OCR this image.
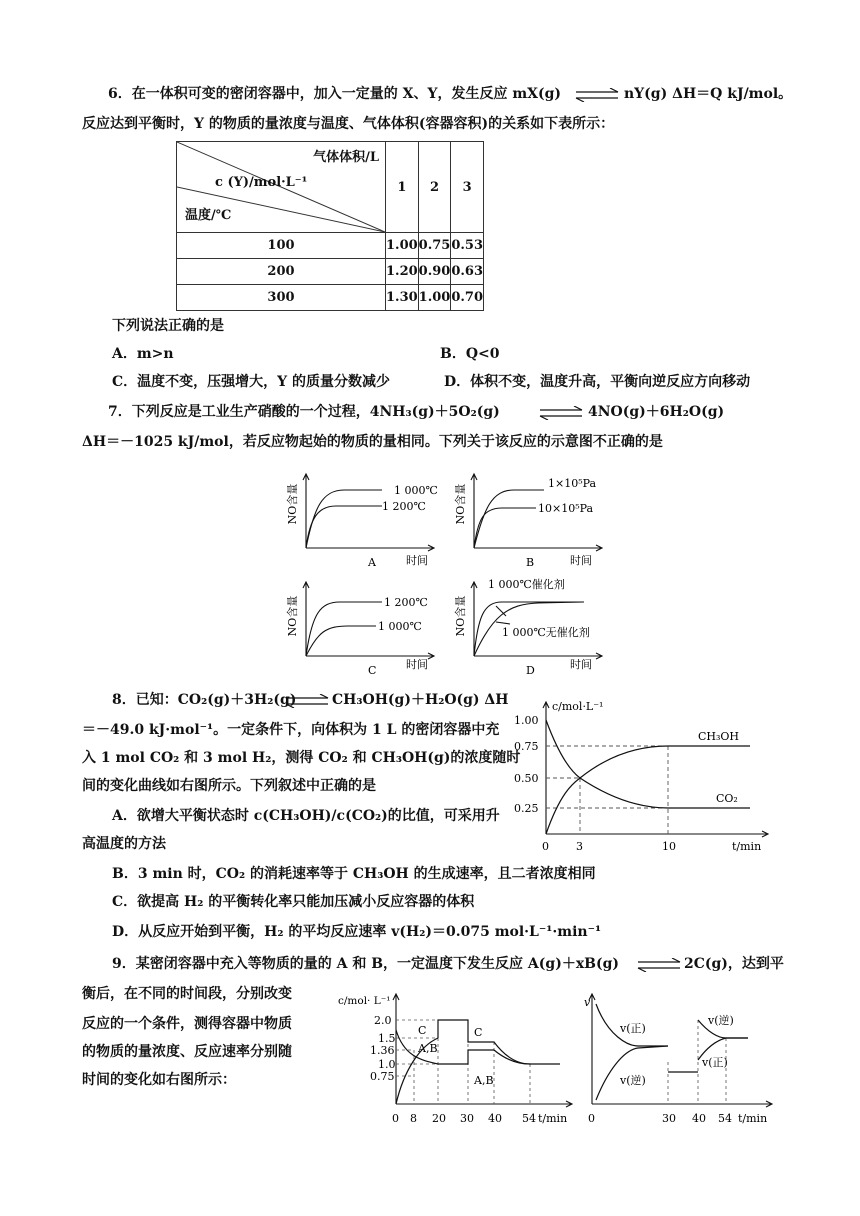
6．在一体积可变的密闭容器中，加入一定量的 X、Y，发生反应 mX(g) ⇌ nY(g) ΔH＝Q kJ/mol。
反应达到平衡时，Y 的物质的量浓度与温度、气体体积(容器容积)的关系如下表所示：
气体体积/L
c (Y)/mol·L⁻¹
温度/℃	1	2	3
100	1.00	0.75	0.53
200	1.20	0.90	0.63
300	1.30	1.00	0.70
下列说法正确的是
A．m>n	B．Q<0
C．温度不变，压强增大，Y 的质量分数减少	D．体积不变，温度升高，平衡向逆反应方向移动
7．下列反应是工业生产硝酸的一个过程，4NH₃(g)＋5O₂(g) ⇌ 4NO(g)＋6H₂O(g)
ΔH＝－1025 kJ/mol，若反应物起始的物质的量相同。下列关于该反应的示意图不正确的是
NO含量	1 000℃
1 200℃
时间
A
NO含量
1×10⁵Pa
10×10⁵Pa
时间
B
NO含量	1 200℃
1 000℃
时间
C
NO含量
1 000℃催化剂
1 000℃无催化剂
时间
D
8．已知：CO₂(g)＋3H₂(g) ⇌ CH₃OH(g)＋H₂O(g) ΔH
＝－49.0 kJ·mol⁻¹。一定条件下，向体积为 1 L 的密闭容器中充
入 1 mol CO₂ 和 3 mol H₂，测得 CO₂ 和 CH₃OH(g)的浓度随时
间的变化曲线如右图所示。下列叙述中正确的是
A．欲增大平衡状态时 c(CH₃OH)/c(CO₂)的比值，可采用升
高温度的方法
B．3 min 时，CO₂ 的消耗速率等于 CH₃OH 的生成速率，且二者浓度相同
C．欲提高 H₂ 的平衡转化率只能加压减小反应容器的体积
D．从反应开始到平衡，H₂ 的平均反应速率 v(H₂)＝0.075 mol·L⁻¹·min⁻¹
c/mol·L⁻¹
1.00
0.75
0.50
0.25
0 3	10	t/min
CH₃OH
CO₂
9．某密闭容器中充入等物质的量的 A 和 B，一定温度下发生反应 A(g)＋xB(g) ⇌ 2C(g)，达到平
衡后，在不同的时间段，分别改变
反应的一个条件，测得容器中物质
的物质的量浓度、反应速率分别随
时间的变化如右图所示：
c/mol· L⁻¹
2.0
1.5
1.36
1.0
0.75
0 8 20 30 40 54 t/min
C
A,B
C
A,B
v
v(正)
v(逆)
v(逆)
v(正)
0	30 40 54 t/min
